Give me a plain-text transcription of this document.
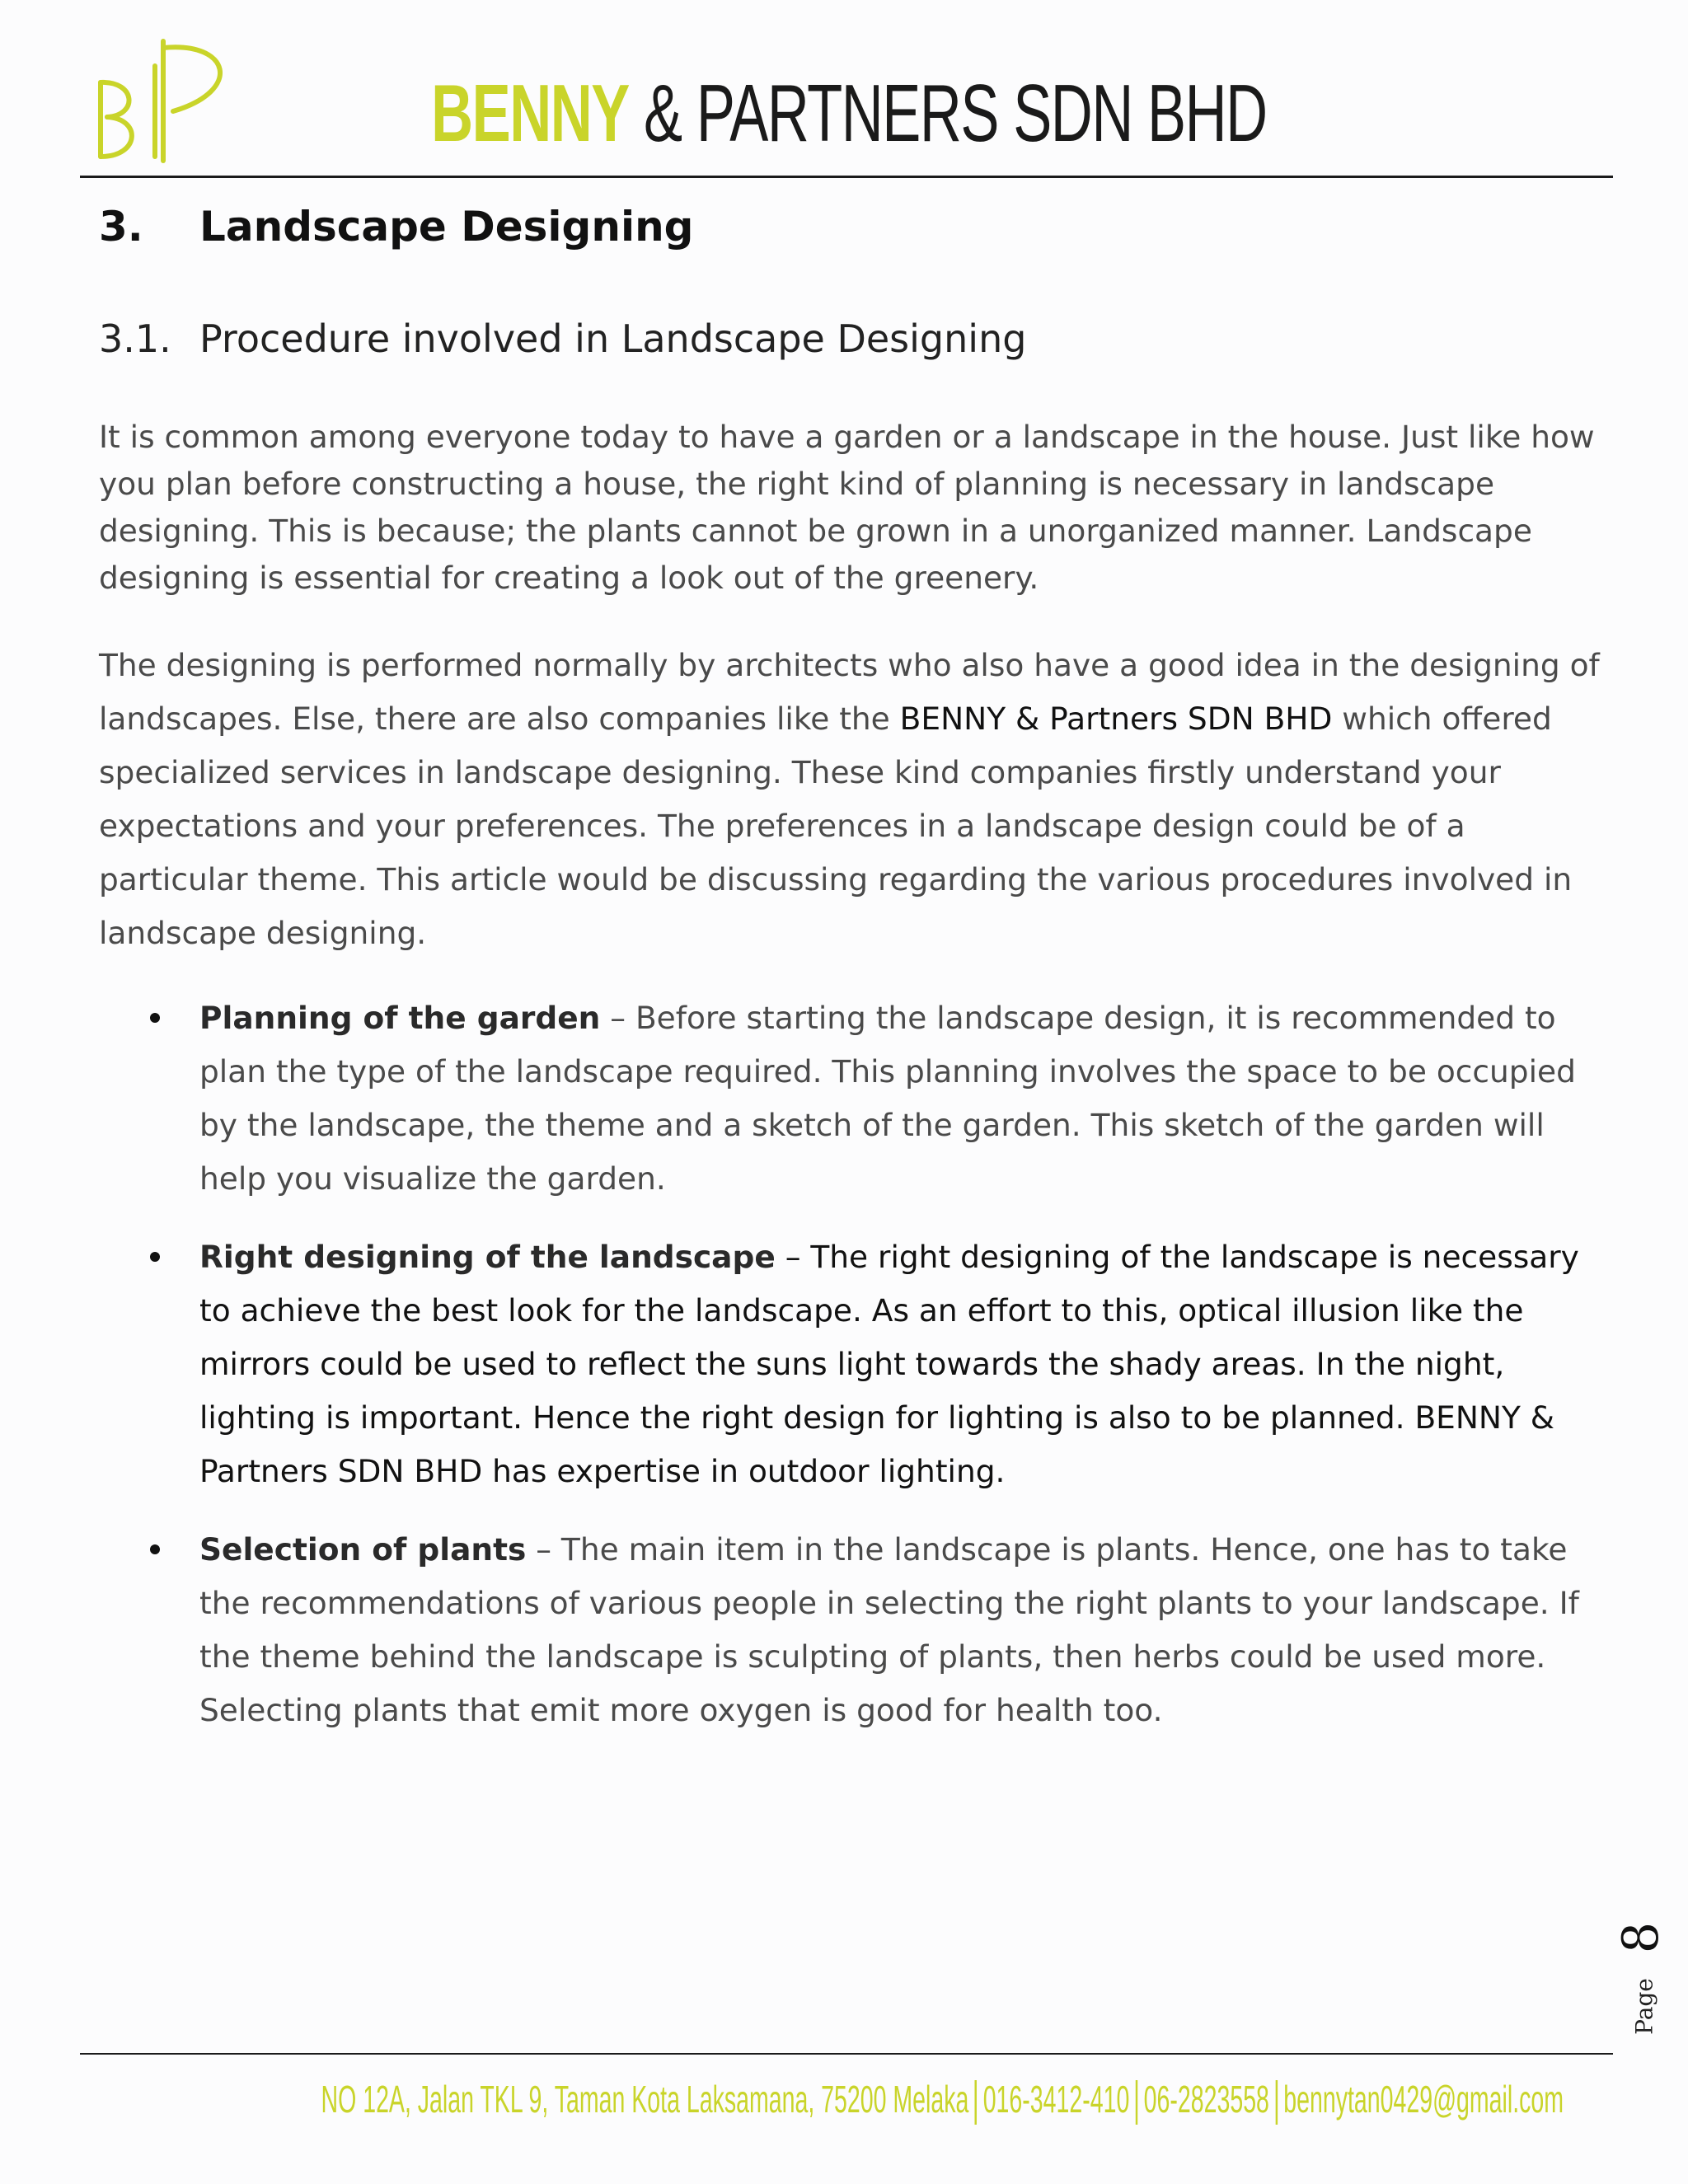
BENNY & PARTNERS SDN BHD
3. Landscape Designing
3.1. Procedure involved in Landscape Designing

It is common among everyone today to have a garden or a landscape in the house. Just like how you plan before constructing a house, the right kind of planning is necessary in landscape designing. This is because; the plants cannot be grown in a unorganized manner. Landscape designing is essential for creating a look out of the greenery.

The designing is performed normally by architects who also have a good idea in the designing of landscapes. Else, there are also companies like the BENNY & Partners SDN BHD which offered specialized services in landscape designing. These kind companies firstly understand your expectations and your preferences. The preferences in a landscape design could be of a particular theme. This article would be discussing regarding the various procedures involved in landscape designing.

Planning of the garden – Before starting the landscape design, it is recommended to plan the type of the landscape required. This planning involves the space to be occupied by the landscape, the theme and a sketch of the garden. This sketch of the garden will help you visualize the garden.
Right designing of the landscape – The right designing of the landscape is necessary to achieve the best look for the landscape. As an effort to this, optical illusion like the mirrors could be used to reflect the suns light towards the shady areas. In the night, lighting is important. Hence the right design for lighting is also to be planned. BENNY & Partners SDN BHD has expertise in outdoor lighting.
Selection of plants – The main item in the landscape is plants. Hence, one has to take the recommendations of various people in selecting the right plants to your landscape. If the theme behind the landscape is sculpting of plants, then herbs could be used more. Selecting plants that emit more oxygen is good for health too.
8
Page
NO 12A, Jalan TKL 9, Taman Kota Laksamana, 75200 Melaka 016-3412-410 06-2823558 bennytan0429@gmail.com
